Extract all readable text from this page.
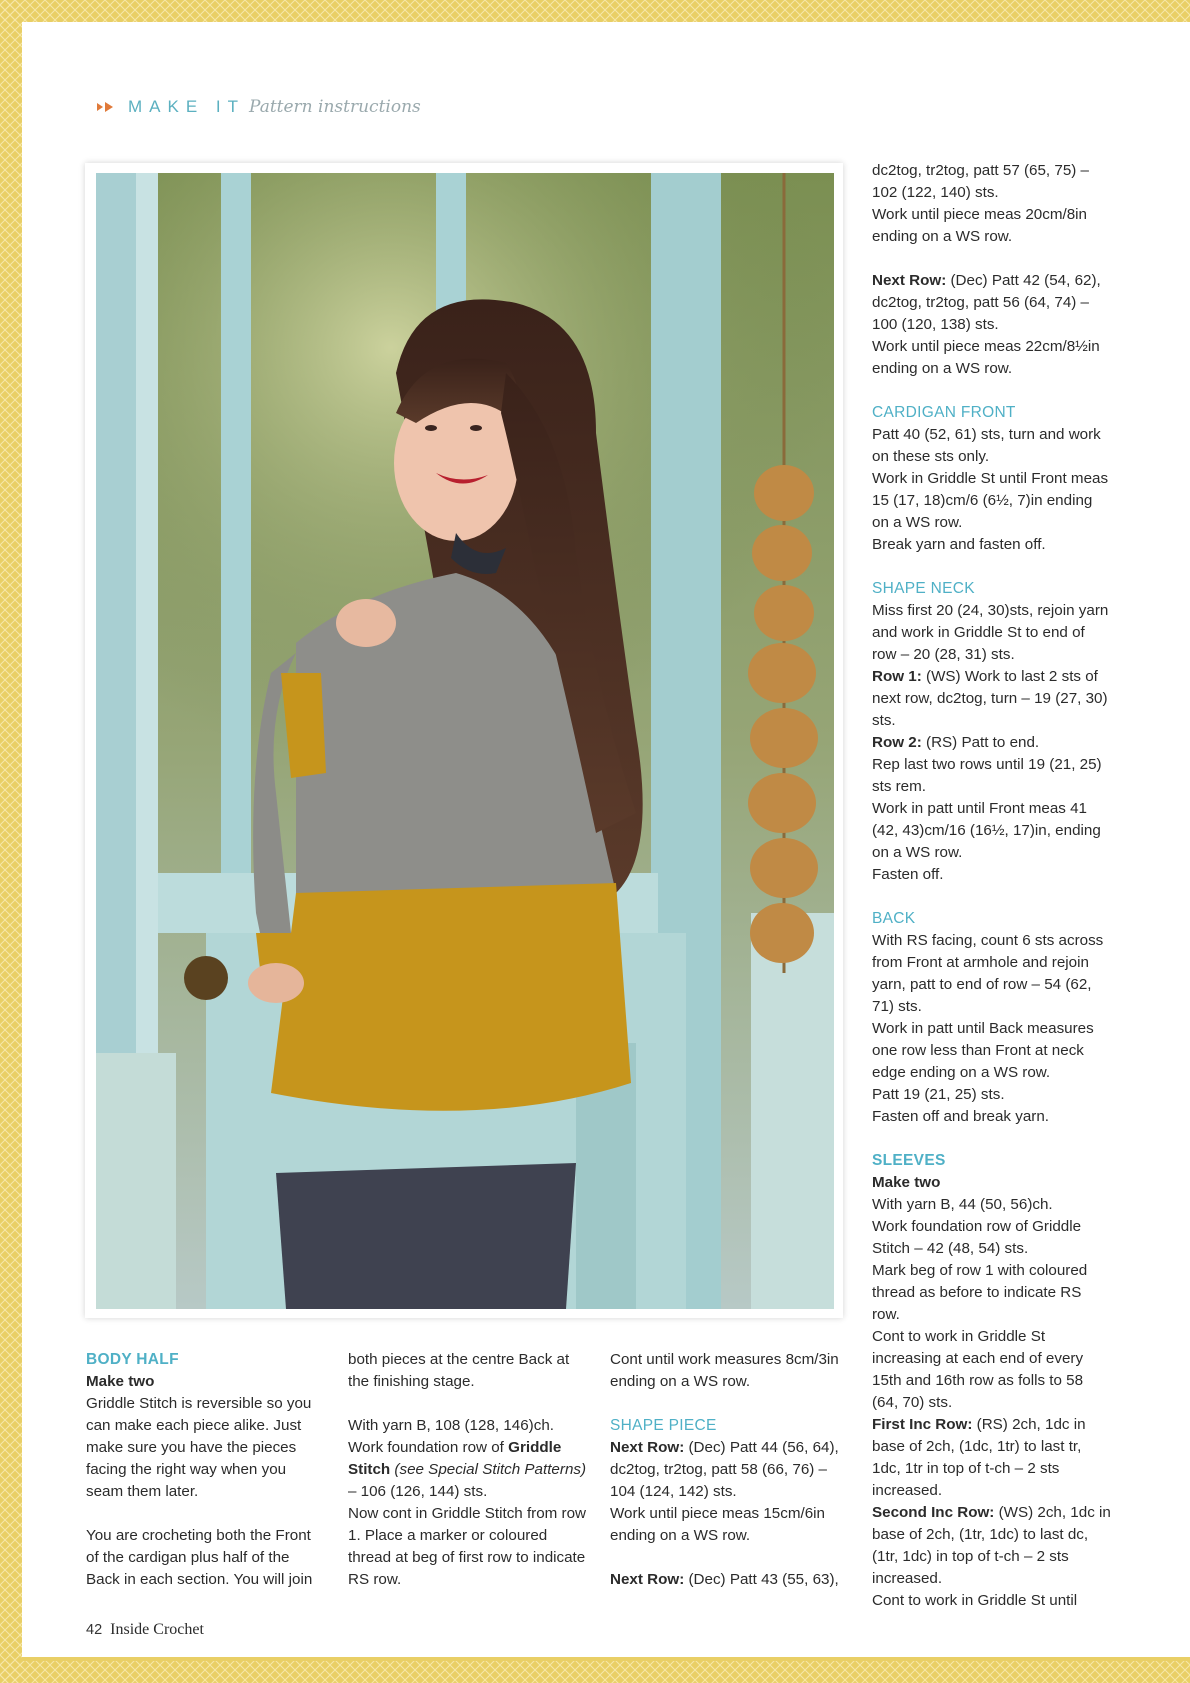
MAKE IT Pattern instructions

BODY HALF

Make two

Griddle Stitch is reversible so you can make each piece alike. Just make sure you have the pieces facing the right way when you seam them later.

You are crocheting both the Front of the cardigan plus half of the Back in each section. You will join

both pieces at the centre Back at the finishing stage.

With yarn B, 108 (128, 146)ch.

Work foundation row of Griddle Stitch (see Special Stitch Patterns) – 106 (126, 144) sts.

Now cont in Griddle Stitch from row 1. Place a marker or coloured thread at beg of first row to indicate RS row.

Cont until work measures 8cm/3in ending on a WS row.

SHAPE PIECE

Next Row: (Dec) Patt 44 (56, 64), dc2tog, tr2tog, patt 58 (66, 76) – 104 (124, 142) sts.

Work until piece meas 15cm/6in ending on a WS row.

Next Row: (Dec) Patt 43 (55, 63),

dc2tog, tr2tog, patt 57 (65, 75) – 102 (122, 140) sts.

Work until piece meas 20cm/8in ending on a WS row.

Next Row: (Dec) Patt 42 (54, 62), dc2tog, tr2tog, patt 56 (64, 74) – 100 (120, 138) sts.

Work until piece meas 22cm/8½in ending on a WS row.

CARDIGAN FRONT

Patt 40 (52, 61) sts, turn and work on these sts only.

Work in Griddle St until Front meas 15 (17, 18)cm/6 (6½, 7)in ending on a WS row.

Break yarn and fasten off.

SHAPE NECK

Miss first 20 (24, 30)sts, rejoin yarn and work in Griddle St to end of row – 20 (28, 31) sts.

Row 1: (WS) Work to last 2 sts of next row, dc2tog, turn – 19 (27, 30) sts.

Row 2: (RS) Patt to end.

Rep last two rows until 19 (21, 25) sts rem.

Work in patt until Front meas 41 (42, 43)cm/16 (16½, 17)in, ending on a WS row.

Fasten off.

BACK

With RS facing, count 6 sts across from Front at armhole and rejoin yarn, patt to end of row – 54 (62, 71) sts.

Work in patt until Back measures one row less than Front at neck edge ending on a WS row.

Patt 19 (21, 25) sts.

Fasten off and break yarn.

SLEEVES

Make two

With yarn B, 44 (50, 56)ch.

Work foundation row of Griddle Stitch – 42 (48, 54) sts.

Mark beg of row 1 with coloured thread as before to indicate RS row.

Cont to work in Griddle St increasing at each end of every 15th and 16th row as folls to 58 (64, 70) sts.

First Inc Row: (RS) 2ch, 1dc in base of 2ch, (1dc, 1tr) to last tr, 1dc, 1tr in top of t-ch – 2 sts increased.

Second Inc Row: (WS) 2ch, 1dc in base of 2ch, (1tr, 1dc) to last dc, (1tr, 1dc) in top of t-ch – 2 sts increased.

Cont to work in Griddle St until

42 Inside Crochet
